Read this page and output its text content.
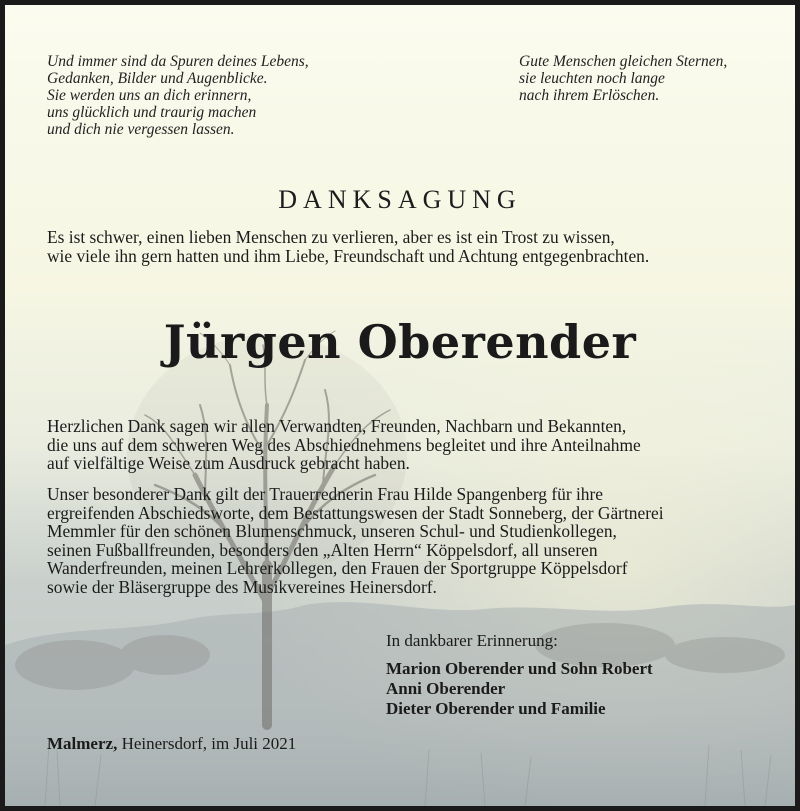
Und immer sind da Spuren deines Lebens,
Gedanken, Bilder und Augenblicke.
Sie werden uns an dich erinnern,
uns glücklich und traurig machen
und dich nie vergessen lassen.
Gute Menschen gleichen Sternen,
sie leuchten noch lange
nach ihrem Erlöschen.
DANKSAGUNG
Es ist schwer, einen lieben Menschen zu verlieren, aber es ist ein Trost zu wissen,
wie viele ihn gern hatten und ihm Liebe, Freundschaft und Achtung entgegenbrachten.
Jürgen Oberender
Herzlichen Dank sagen wir allen Verwandten, Freunden, Nachbarn und Bekannten,
die uns auf dem schweren Weg des Abschiednehmens begleitet und ihre Anteilnahme
auf vielfältige Weise zum Ausdruck gebracht haben.
Unser besonderer Dank gilt der Trauerrednerin Frau Hilde Spangenberg für ihre
ergreifenden Abschiedsworte, dem Bestattungswesen der Stadt Sonneberg, der Gärtnerei
Memmler für den schönen Blumenschmuck, unseren Schul- und Studienkollegen,
seinen Fußballfreunden, besonders den „Alten Herrn“ Köppelsdorf, all unseren
Wanderfreunden, meinen Lehrerkollegen, den Frauen der Sportgruppe Köppelsdorf
sowie der Bläsergruppe des Musikvereines Heinersdorf.
In dankbarer Erinnerung:
Marion Oberender und Sohn Robert
Anni Oberender
Dieter Oberender und Familie
Malmerz, Heinersdorf, im Juli 2021
